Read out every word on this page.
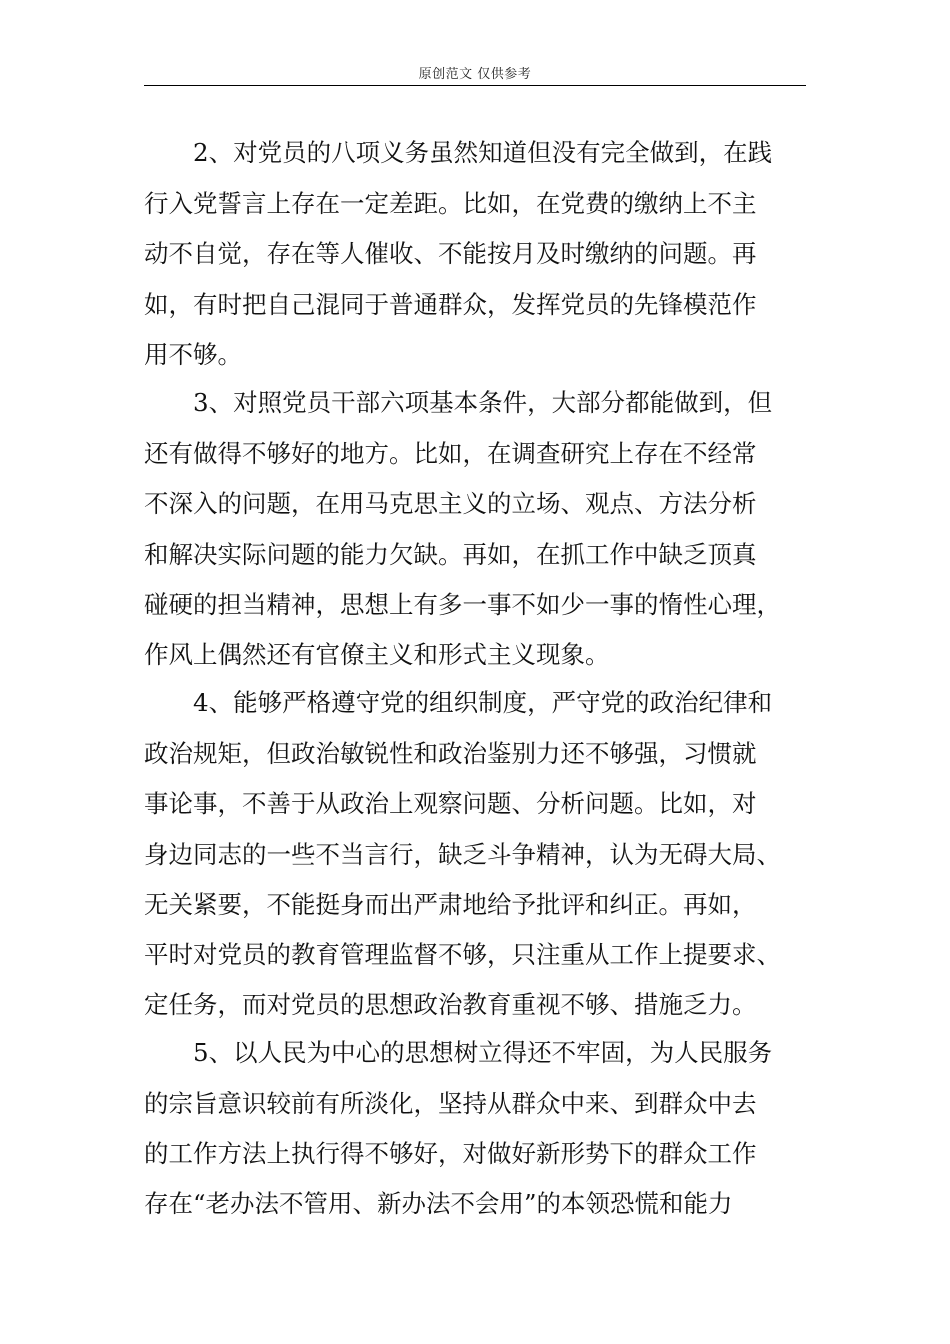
原创范文 仅供参考
2、对党员的八项义务虽然知道但没有完全做到，在践
行入党誓言上存在一定差距。比如，在党费的缴纳上不主
动不自觉，存在等人催收、不能按月及时缴纳的问题。再
如，有时把自己混同于普通群众，发挥党员的先锋模范作
用不够。
3、对照党员干部六项基本条件，大部分都能做到，但
还有做得不够好的地方。比如，在调查研究上存在不经常
不深入的问题，在用马克思主义的立场、观点、方法分析
和解决实际问题的能力欠缺。再如，在抓工作中缺乏顶真
碰硬的担当精神，思想上有多一事不如少一事的惰性心理，
作风上偶然还有官僚主义和形式主义现象。
4、能够严格遵守党的组织制度，严守党的政治纪律和
政治规矩，但政治敏锐性和政治鉴别力还不够强，习惯就
事论事，不善于从政治上观察问题、分析问题。比如，对
身边同志的一些不当言行，缺乏斗争精神，认为无碍大局、
无关紧要，不能挺身而出严肃地给予批评和纠正。再如，
平时对党员的教育管理监督不够，只注重从工作上提要求、
定任务，而对党员的思想政治教育重视不够、措施乏力。
5、以人民为中心的思想树立得还不牢固，为人民服务
的宗旨意识较前有所淡化，坚持从群众中来、到群众中去
的工作方法上执行得不够好，对做好新形势下的群众工作
存在“老办法不管用、新办法不会用”的本领恐慌和能力
